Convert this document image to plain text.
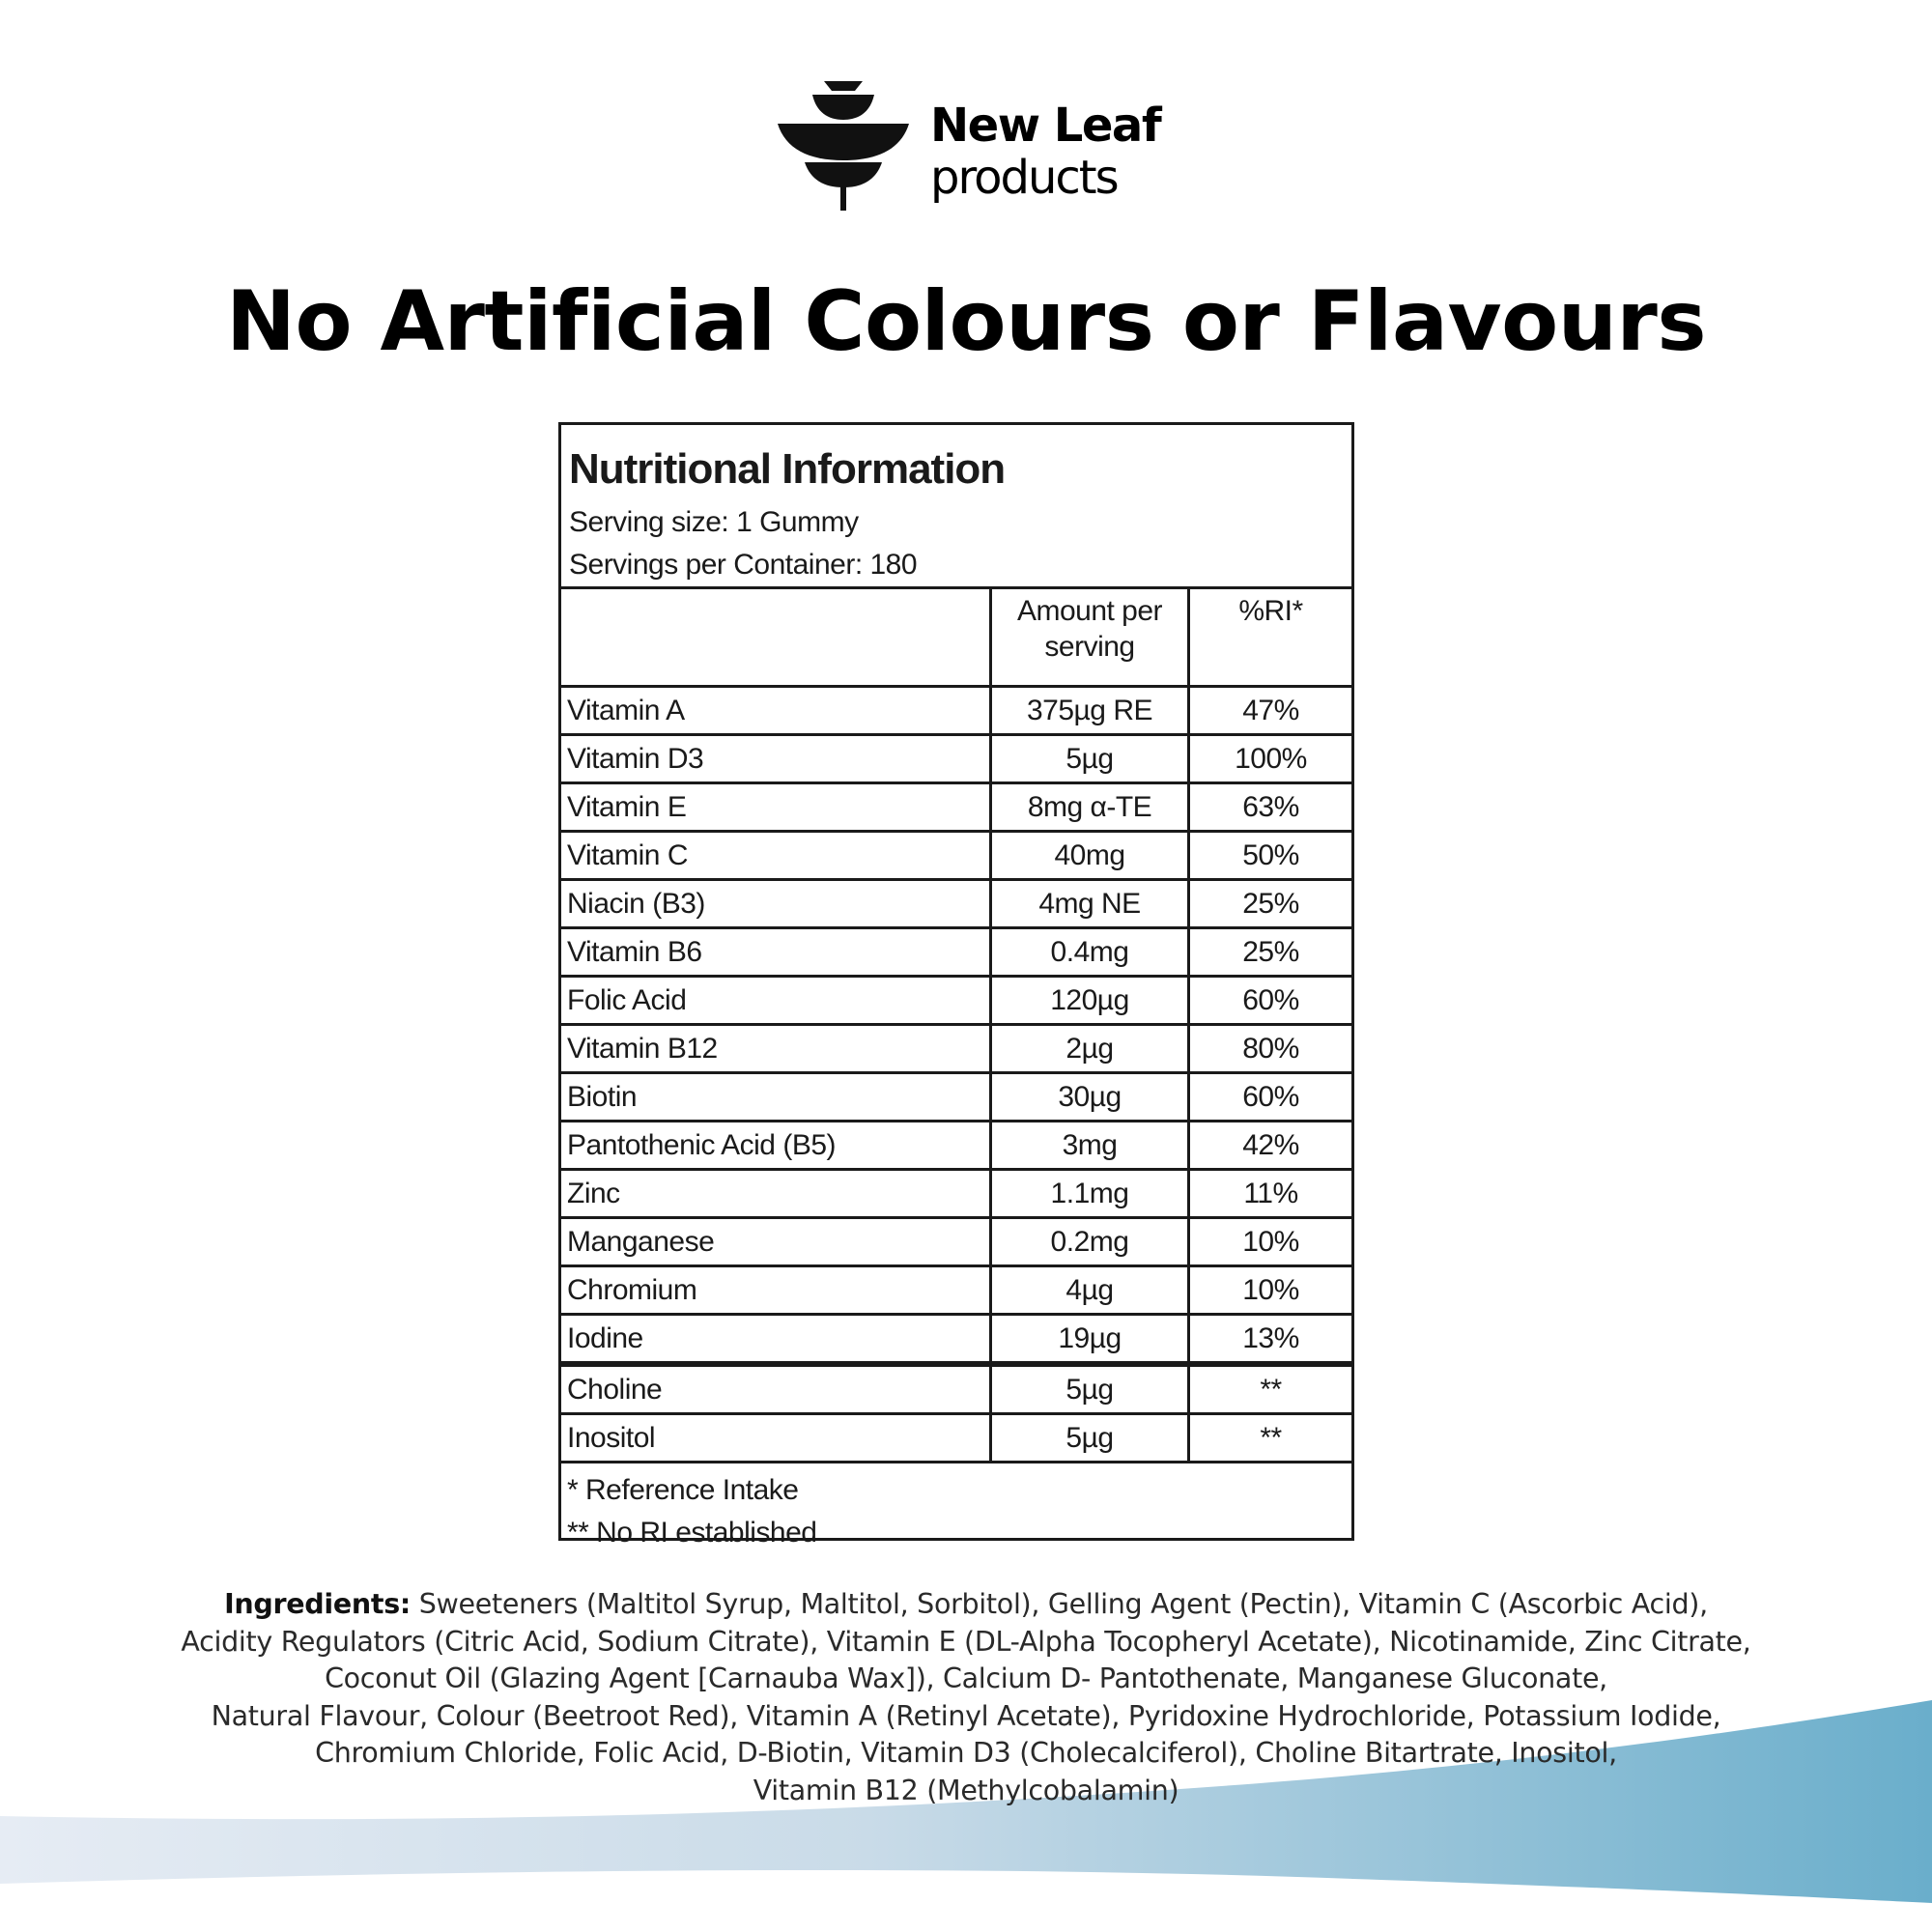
New Leaf
products
No Artificial Colours or Flavours
Nutritional Information
Serving size: 1 Gummy
Servings per Container: 180

	Amount per serving	%RI*
Vitamin A	375µg RE	47%
Vitamin D3	5µg	100%
Vitamin E	8mg α-TE	63%
Vitamin C	40mg	50%
Niacin (B3)	4mg NE	25%
Vitamin B6	0.4mg	25%
Folic Acid	120µg	60%
Vitamin B12	2µg	80%
Biotin	30µg	60%
Pantothenic Acid (B5)	3mg	42%
Zinc	1.1mg	11%
Manganese	0.2mg	10%
Chromium	4µg	10%
Iodine	19µg	13%
Choline	5µg	**
Inositol	5µg	**
* Reference Intake
** No RI established
Ingredients: Sweeteners (Maltitol Syrup, Maltitol, Sorbitol), Gelling Agent (Pectin), Vitamin C (Ascorbic Acid),
Acidity Regulators (Citric Acid, Sodium Citrate), Vitamin E (DL-Alpha Tocopheryl Acetate), Nicotinamide, Zinc Citrate,
Coconut Oil (Glazing Agent [Carnauba Wax]), Calcium D- Pantothenate, Manganese Gluconate,
Natural Flavour, Colour (Beetroot Red), Vitamin A (Retinyl Acetate), Pyridoxine Hydrochloride, Potassium Iodide,
Chromium Chloride, Folic Acid, D-Biotin, Vitamin D3 (Cholecalciferol), Choline Bitartrate, Inositol,
Vitamin B12 (Methylcobalamin)
